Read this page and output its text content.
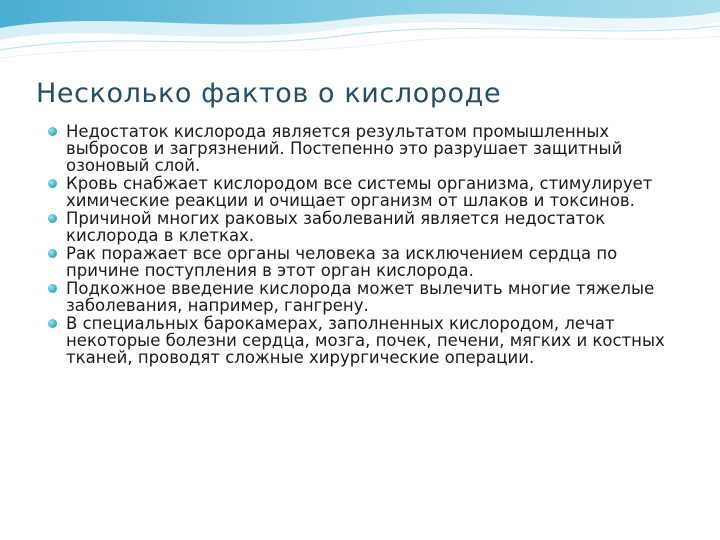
Несколько фактов о кислороде
Недостаток кислорода является результатом промышленных выбросов и загрязнений. Постепенно это разрушает защитный озоновый слой.
Кровь снабжает кислородом все системы организма, стимулирует химические реакции и очищает организм от шлаков и токсинов.
Причиной многих раковых заболеваний является недостаток кислорода в клетках.
Рак поражает все органы человека за исключением сердца по причине поступления в этот орган кислорода.
Подкожное введение кислорода может вылечить многие тяжелые заболевания, например, гангрену.
В специальных барокамерах, заполненных кислородом, лечат некоторые болезни сердца, мозга, почек, печени, мягких и костных тканей, проводят сложные хирургические операции.
